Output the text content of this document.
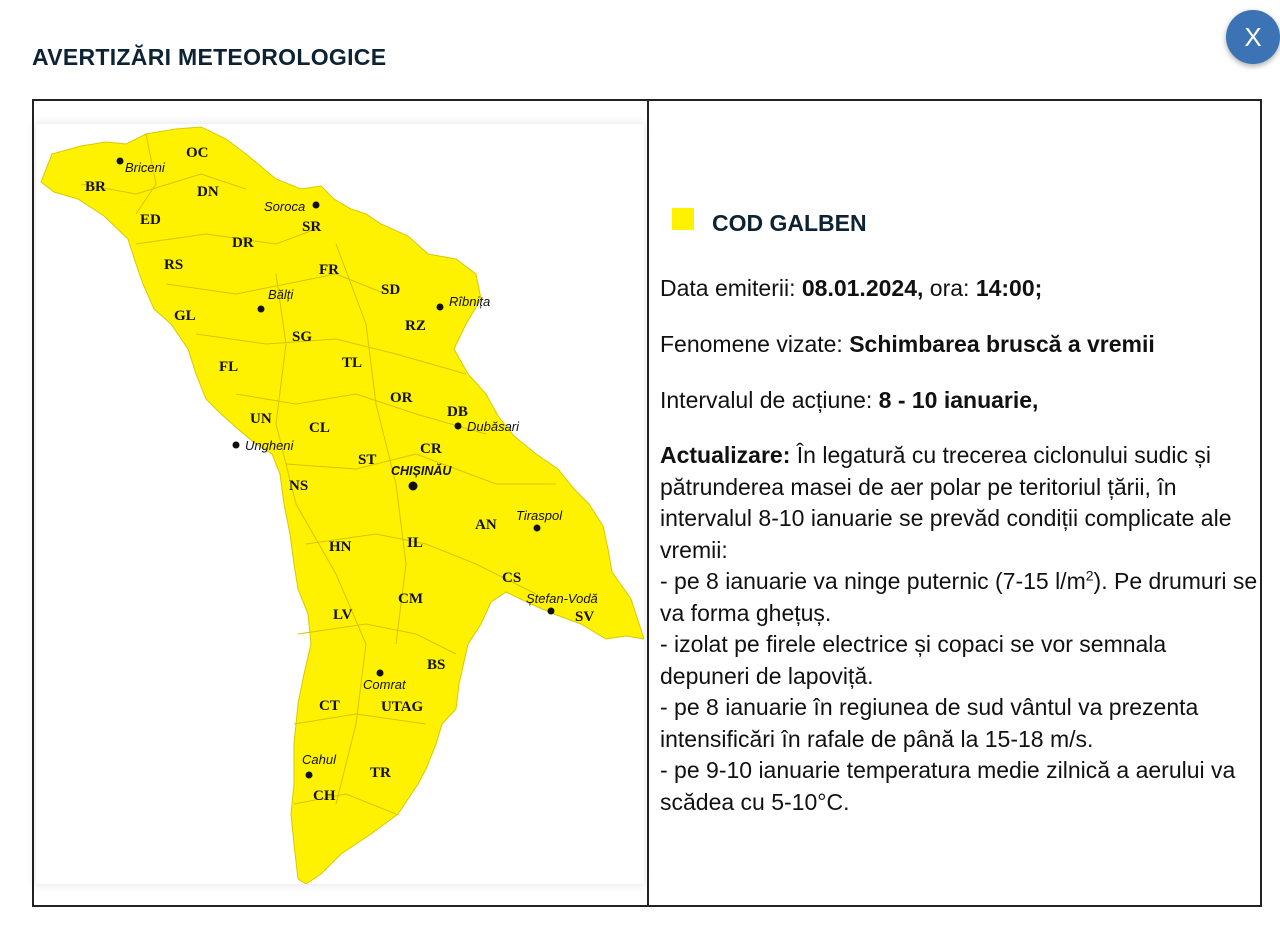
AVERTIZĂRI METEOROLOGICE
X
OC
BR	DN
ED	SR
DR
RS	FR
SD
GL
RZ
SG
FL	TL
OR
UN	DB
CL
CR
ST
NS
AN
HN	IL
CS
CM
SV
LV
BS
CT	UTAG
TR
CH
Briceni
Soroca
Bălți	Rîbnița
Dubăsari
Ungheni
CHIȘINĂU
Tiraspol
Ștefan-Vodă
Comrat
Cahul
COD GALBEN
Data emiterii: 08.01.2024, ora: 14:00;
Fenomene vizate: Schimbarea bruscă a vremii
Intervalul de acțiune: 8 - 10 ianuarie,

Actualizare: În legatură cu trecerea ciclonului sudic și pătrunderea masei de aer polar pe teritoriul țării, în intervalul 8-10 ianuarie se prevăd condiții complicate ale vremii:

- pe 8 ianuarie va ninge puternic (7-15 $l/m^2$). Pe drumuri se va forma ghețuș.

- izolat pe firele electrice și copaci se vor semnala depuneri de lapoviță.

- pe 8 ianuarie în regiunea de sud vântul va prezenta intensificări în rafale de până la 15-18 m/s.

- pe 9-10 ianuarie temperatura medie zilnică a aerului va scădea cu 5-10°C.
